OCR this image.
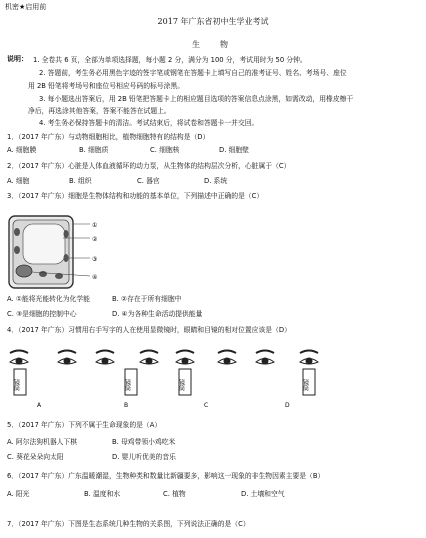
机密★启用前
2017 年广东省初中生学业考试
生　物
说明： 1. 全卷共 6 页，全部为单项选择题，每小题 2 分，满分为 100 分，考试用时为 50 分钟。
2. 答题前，考生务必用黑色字迹的签字笔或钢笔在答题卡上填写自己的准考证号、姓名、考场号、座位
用 2B 铅笔将考场号和座位号相应号码的标号涂黑。
3. 每小题选出答案后，用 2B 铅笔把答题卡上的相应题目选项的答案信息点涂黑，如需改动，用橡皮檫干
净后，再选涂其他答案，答案不能答在试题上。
4. 考生务必保持答题卡的清洁。考试结束后，将试卷和答题卡一并交回。
1．（2017 年广东）与动物细胞相比，植物细胞特有的结构是（D）
A. 细胞膜	B. 细胞质	C. 细胞核	D. 细胞壁
2．（2017 年广东）心脏是人体血液循环的动力泵，从生物体的结构层次分析，心脏属于（C）
A. 细胞	B. 组织	C. 器官	D. 系统
3．（2017 年广东）细胞是生物体结构和功能的基本单位，下列描述中正确的是（C）
①
②
③
④
A. ①能将光能转化为化学能	B. ②存在于所有细胞中
C. ③是细胞的控制中心	D. ④为各种生命活动提供能量
4．（2017 年广东）习惯用右手写字的人在使用显微镜时，眼睛和目镜的相对位置应该是（D）
镜筒
A
镜筒
B
镜筒
C
镜筒
D
5．（2017 年广东）下列不属于生命现象的是（A）
A. 阿尔法狗机器人下棋	B. 母鸡带领小鸡吃米
C. 葵花朵朵向太阳	D. 婴儿听优美的音乐
6．（2017 年广东）广东温暖潮湿，生物种类和数量比新疆要多，影响这一现象的非生物因素主要是（B）
A. 阳光	B. 温度和水	C. 植物	D. 土壤和空气
7．（2017 年广东）下图是生态系统几种生物的关系图，下列说法正确的是（C）
